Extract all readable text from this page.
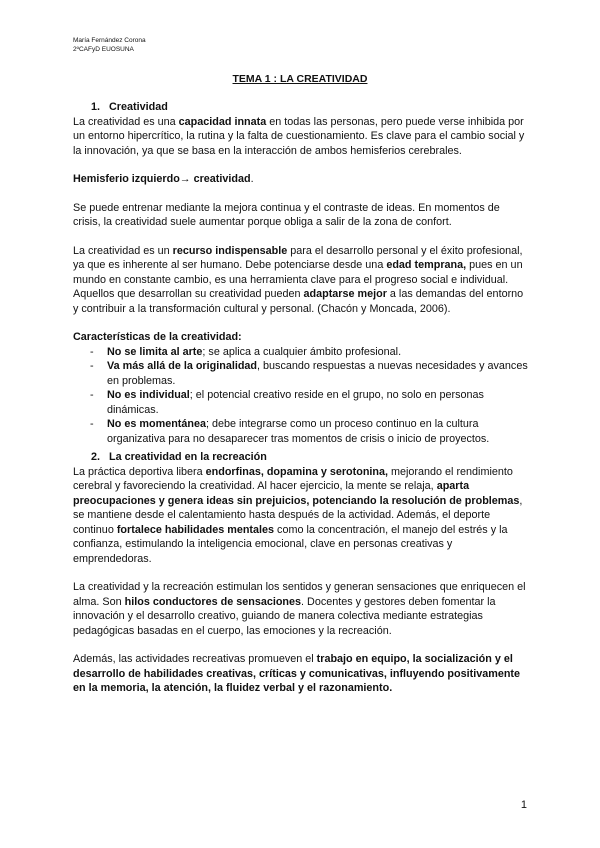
María Fernández Corona
2ºCAFyD EUOSUNA
TEMA 1 : LA CREATIVIDAD

1. Creatividad

La creatividad es una capacidad innata en todas las personas, pero puede verse inhibida por un entorno hipercrítico, la rutina y la falta de cuestionamiento. Es clave para el cambio social y la innovación, ya que se basa en la interacción de ambos hemisferios cerebrales.

Hemisferio izquierdo→ creatividad.

Se puede entrenar mediante la mejora continua y el contraste de ideas. En momentos de crisis, la creatividad suele aumentar porque obliga a salir de la zona de confort.

La creatividad es un recurso indispensable para el desarrollo personal y el éxito profesional, ya que es inherente al ser humano. Debe potenciarse desde una edad temprana, pues en un mundo en constante cambio, es una herramienta clave para el progreso social e individual. Aquellos que desarrollan su creatividad pueden adaptarse mejor a las demandas del entorno y contribuir a la transformación cultural y personal. (Chacón y Moncada, 2006).

Características de la creatividad:

- No se limita al arte; se aplica a cualquier ámbito profesional.
- Va más allá de la originalidad, buscando respuestas a nuevas necesidades y avances en problemas.
- No es individual; el potencial creativo reside en el grupo, no solo en personas dinámicas.
- No es momentánea; debe integrarse como un proceso continuo en la cultura organizativa para no desaparecer tras momentos de crisis o inicio de proyectos.

2. La creatividad en la recreación

La práctica deportiva libera endorfinas, dopamina y serotonina, mejorando el rendimiento cerebral y favoreciendo la creatividad. Al hacer ejercicio, la mente se relaja, aparta preocupaciones y genera ideas sin prejuicios, potenciando la resolución de problemas, se mantiene desde el calentamiento hasta después de la actividad. Además, el deporte continuo fortalece habilidades mentales como la concentración, el manejo del estrés y la confianza, estimulando la inteligencia emocional, clave en personas creativas y emprendedoras.

La creatividad y la recreación estimulan los sentidos y generan sensaciones que enriquecen el alma. Son hilos conductores de sensaciones. Docentes y gestores deben fomentar la innovación y el desarrollo creativo, guiando de manera colectiva mediante estrategias pedagógicas basadas en el cuerpo, las emociones y la recreación.

Además, las actividades recreativas promueven el trabajo en equipo, la socialización y el desarrollo de habilidades creativas, críticas y comunicativas, influyendo positivamente en la memoria, la atención, la fluidez verbal y el razonamiento.

1
